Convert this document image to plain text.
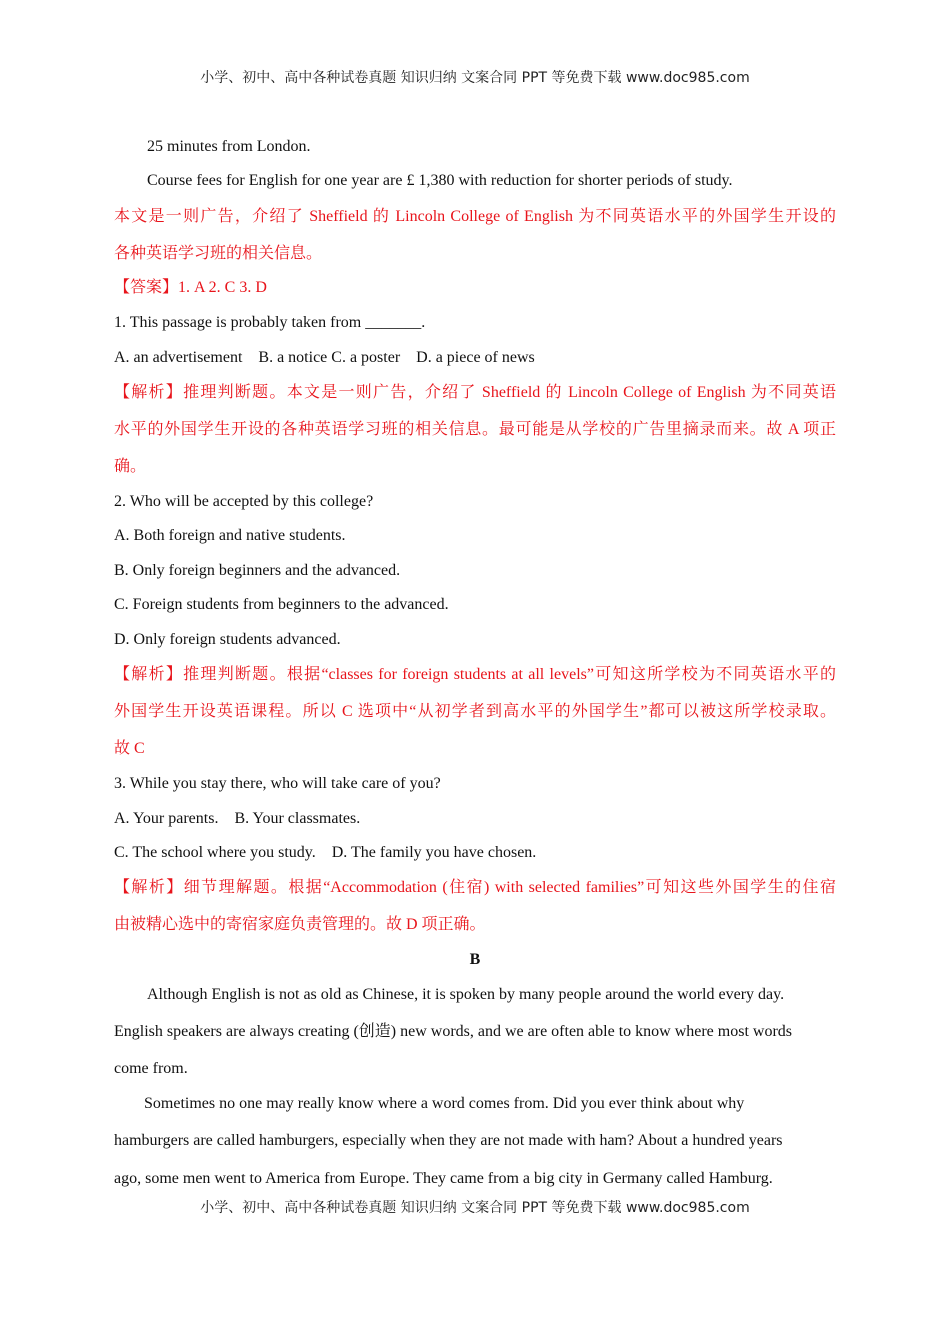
小学、初中、高中各种试卷真题 知识归纳 文案合同 PPT 等免费下载 www.doc985.com
25 minutes from London.
Course fees for English for one year are £ 1,380 with reduction for shorter periods of study.
本文是一则广告，介绍了 Sheffield 的 Lincoln College of English 为不同英语水平的外国学生开设的
各种英语学习班的相关信息。
【答案】1. A 2. C 3. D
1. This passage is probably taken from _______.
A. an advertisement    B. a notice C. a poster    D. a piece of news
【解析】推理判断题。本文是一则广告，介绍了 Sheffield 的 Lincoln College of English 为不同英语
水平的外国学生开设的各种英语学习班的相关信息。最可能是从学校的广告里摘录而来。故 A 项正
确。
2. Who will be accepted by this college?
A. Both foreign and native students.
B. Only foreign beginners and the advanced.
C. Foreign students from beginners to the advanced.
D. Only foreign students advanced.
【解析】推理判断题。根据“classes for foreign students at all levels”可知这所学校为不同英语水平的
外国学生开设英语课程。所以 C 选项中“从初学者到高水平的外国学生”都可以被这所学校录取。
故 C
3. While you stay there, who will take care of you?
A. Your parents.    B. Your classmates.
C. The school where you study.    D. The family you have chosen.
【解析】细节理解题。根据“Accommodation (住宿) with selected families”可知这些外国学生的住宿
由被精心选中的寄宿家庭负责管理的。故 D 项正确。
B
Although English is not as old as Chinese, it is spoken by many people around the world every day.
English speakers are always creating (创造) new words, and we are often able to know where most words
come from.
Sometimes no one may really know where a word comes from. Did you ever think about why
hamburgers are called hamburgers, especially when they are not made with ham? About a hundred years
ago, some men went to America from Europe. They came from a big city in Germany called Hamburg.
小学、初中、高中各种试卷真题 知识归纳 文案合同 PPT 等免费下载 www.doc985.com
